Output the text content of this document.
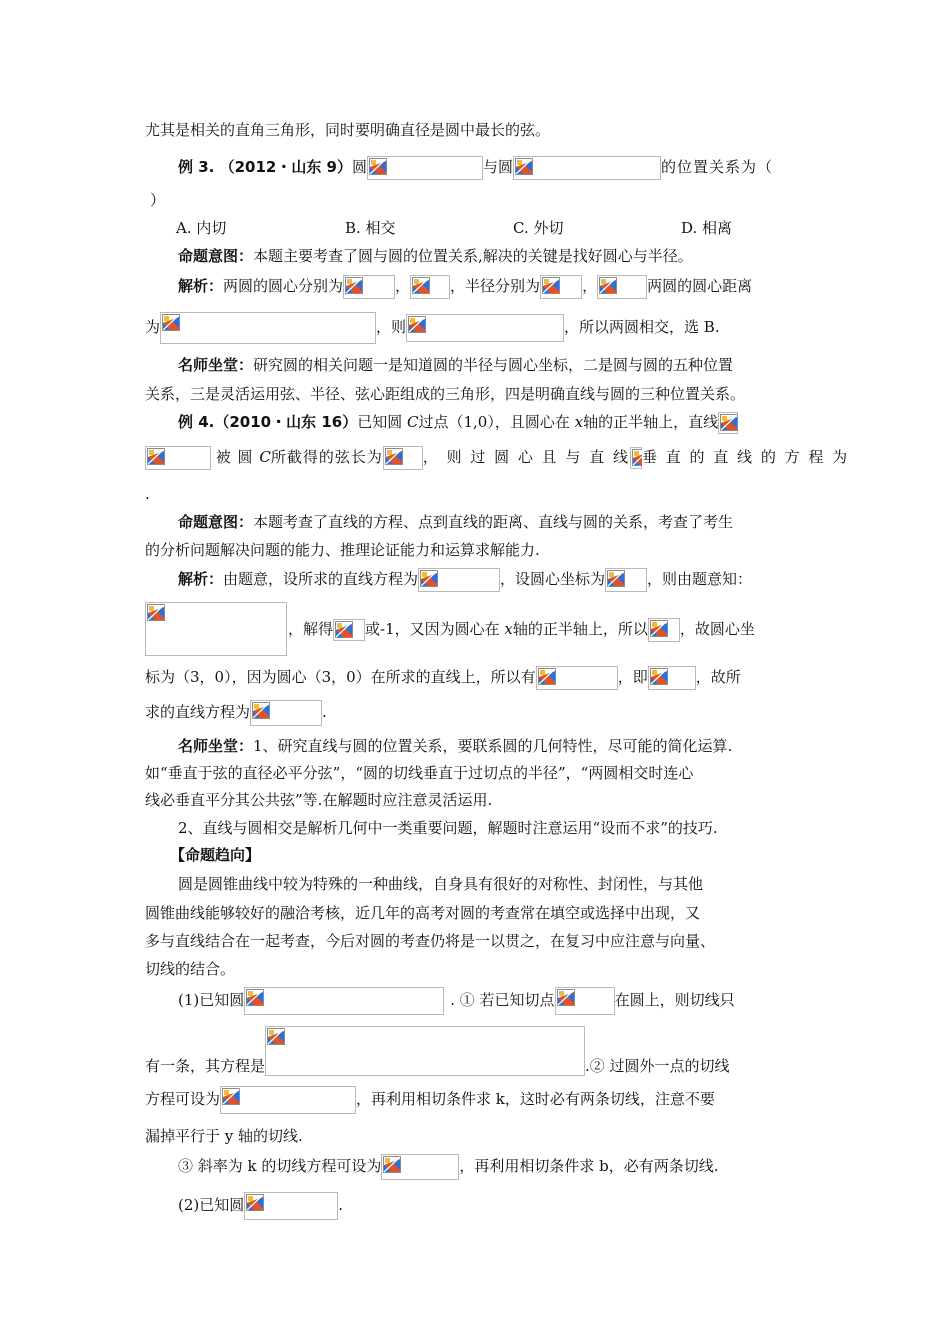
尤其是相关的直角三角形，同时要明确直径是圆中最长的弦。
例 3. （2012・山东 9）圆	与圆	的位置关系为（
）
A. 内切	B. 相交	C. 外切	D. 相离
命题意图：本题主要考查了圆与圆的位置关系,解决的关键是找好圆心与半径。
解析：两圆的圆心分别为	，	，半径分别为	，	两圆的圆心距离
为	，则	，所以两圆相交，选 B.
名师坐堂：研究圆的相关问题一是知道圆的半径与圆心坐标，二是圆与圆的五种位置
关系，三是灵活运用弦、半径、弦心距组成的三角形，四是明确直线与圆的三种位置关系。
例 4.（2010・山东 16）已知圆 C过点（1,0），且圆心在 x轴的正半轴上，直线
被 圆 C所截得的弦长为	， 则 过 圆 心 且 与 直 线 垂 直 的 直 线 的 方 程 为
.
命题意图：本题考查了直线的方程、点到直线的距离、直线与圆的关系，考查了考生
的分析问题解决问题的能力、推理论证能力和运算求解能力.
解析：由题意，设所求的直线方程为	，设圆心坐标为	，则由题意知：
，解得 或-1，又因为圆心在 x轴的正半轴上，所以 ，故圆心坐
标为（3，0），因为圆心（3，0）在所求的直线上，所以有	，即	，故所
求的直线方程为	.
名师坐堂：1、研究直线与圆的位置关系，要联系圆的几何特性，尽可能的简化运算.
如“垂直于弦的直径必平分弦”，“圆的切线垂直于过切点的半径”，“两圆相交时连心
线必垂直平分其公共弦”等.在解题时应注意灵活运用.
2、直线与圆相交是解析几何中一类重要问题，解题时注意运用“设而不求”的技巧.
【命题趋向】
圆是圆锥曲线中较为特殊的一种曲线，自身具有很好的对称性、封闭性，与其他
圆锥曲线能够较好的融洽考核，近几年的高考对圆的考查常在填空或选择中出现，又
多与直线结合在一起考查，今后对圆的考查仍将是一以贯之，在复习中应注意与向量、
切线的结合。
(1)已知圆	. ① 若已知切点	在圆上，则切线只
有一条，其方程是	.② 过圆外一点的切线
方程可设为	，再利用相切条件求 k，这时必有两条切线，注意不要
漏掉平行于 y 轴的切线.
③ 斜率为 k 的切线方程可设为	，再利用相切条件求 b，必有两条切线.
(2)已知圆	.
